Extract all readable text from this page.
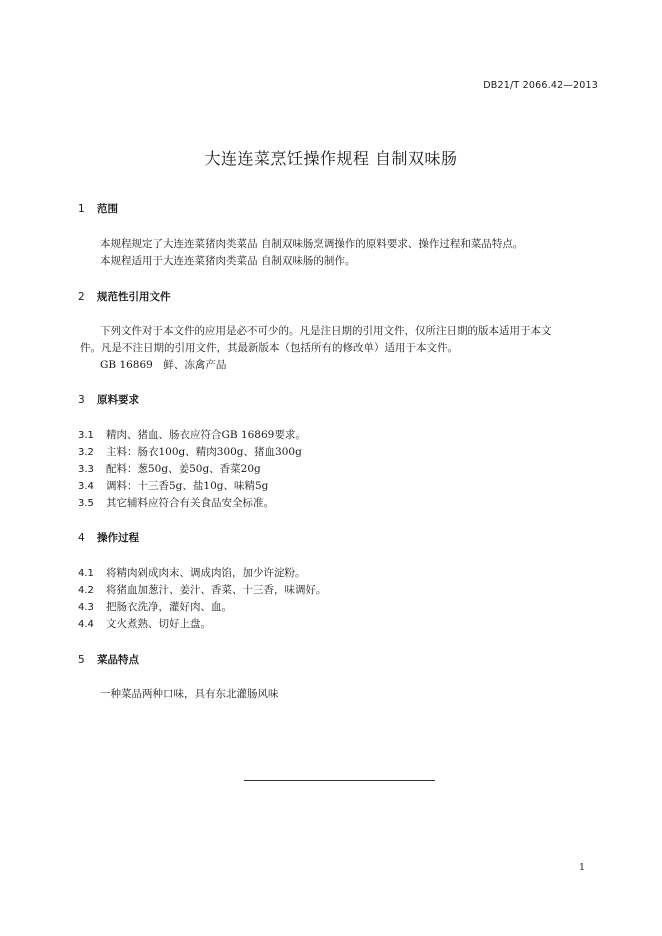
DB21/T 2066.42—2013
大连连菜烹饪操作规程 自制双味肠
1 范围
本规程规定了大连连菜猪肉类菜品 自制双味肠烹调操作的原料要求、操作过程和菜品特点。
本规程适用于大连连菜猪肉类菜品 自制双味肠的制作。
2 规范性引用文件
下列文件对于本文件的应用是必不可少的。凡是注日期的引用文件，仅所注日期的版本适用于本文
件。凡是不注日期的引用文件，其最新版本（包括所有的修改单）适用于本文件。
GB 16869　鲜、冻禽产品
3 原料要求
3.1 精肉、猪血、肠衣应符合GB 16869要求。
3.2 主料：肠衣100g、精肉300g、猪血300g
3.3 配料：葱50g、姜50g、香菜20g
3.4 调料：十三香5g、盐10g、味精5g
3.5 其它辅料应符合有关食品安全标准。
4 操作过程
4.1 将精肉剁成肉末、调成肉馅，加少许淀粉。
4.2 将猪血加葱汁、姜汁、香菜、十三香，味调好。
4.3 把肠衣洗净，灌好肉、血。
4.4 文火煮熟、切好上盘。
5 菜品特点
一种菜品两种口味，具有东北灌肠风味
1
